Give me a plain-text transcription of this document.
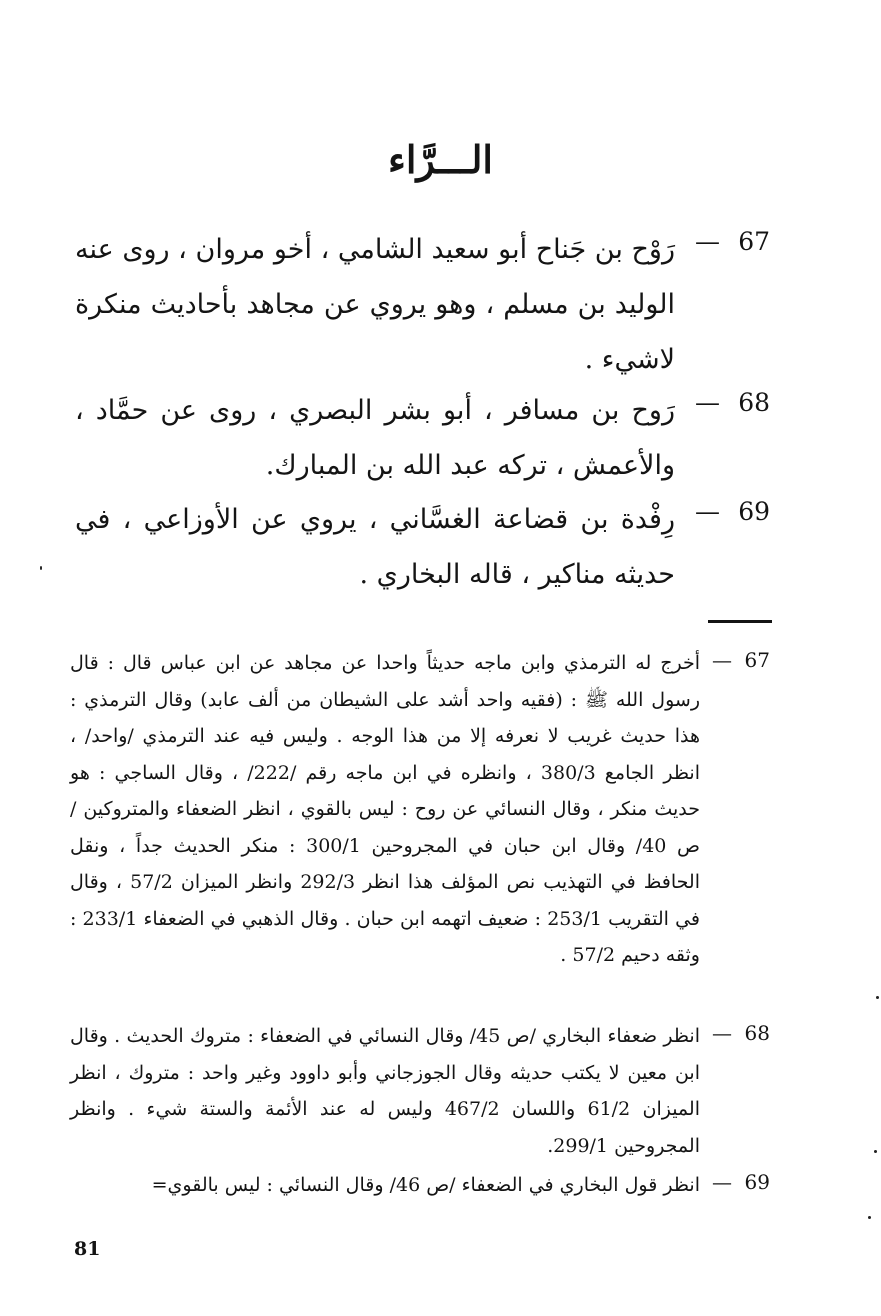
الـــرَّاء
67
—
رَوْح بن جَناح أبو سعيد الشامي ، أخو مروان ، روى عنه الوليد بن مسلم ، وهو يروي عن مجاهد بأحاديث منكرة لاشيء .
68
—
رَوح بن مسافر ، أبو بشر البصري ، روى عن حمَّاد ، والأعمش ، تركه عبد الله بن المبارك.
69
—
رِفْدة بن قضاعة الغسَّاني ، يروي عن الأوزاعي ، في حديثه مناكير ، قاله البخاري .
67
—
أخرج له الترمذي وابن ماجه حديثاً واحدا عن مجاهد عن ابن عباس قال : قال رسول الله ﷺ : (فقيه واحد أشد على الشيطان من ألف عابد) وقال الترمذي : هذا حديث غريب لا نعرفه إلا من هذا الوجه . وليس فيه عند الترمذي /واحد/ ، انظر الجامع 380/3 ، وانظره في ابن ماجه رقم /222/ ، وقال الساجي : هو حديث منكر ، وقال النسائي عن روح : ليس بالقوي ، انظر الضعفاء والمتروكين /ص 40/ وقال ابن حبان في المجروحين 300/1 : منكر الحديث جداً ، ونقل الحافظ في التهذيب نص المؤلف هذا انظر 292/3 وانظر الميزان 57/2 ، وقال في التقريب 253/1 : ضعيف اتهمه ابن حبان . وقال الذهبي في الضعفاء 233/1 : وثقه دحيم 57/2 .
68
—
انظر ضعفاء البخاري /ص 45/ وقال النسائي في الضعفاء : متروك الحديث . وقال ابن معين لا يكتب حديثه وقال الجوزجاني وأبو داوود وغير واحد : متروك ، انظر الميزان 61/2 واللسان 467/2 وليس له عند الأئمة والستة شيء . وانظر المجروحين 299/1.
69
—
انظر قول البخاري في الضعفاء /ص 46/ وقال النسائي : ليس بالقوي=
81
